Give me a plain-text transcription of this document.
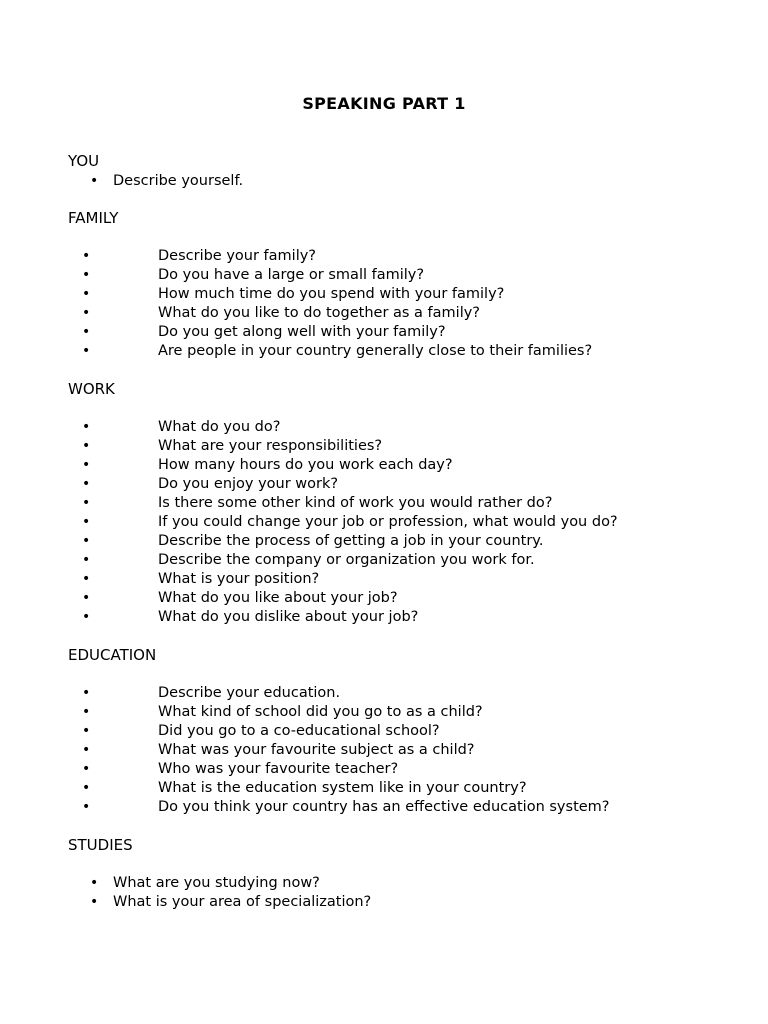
SPEAKING PART 1
YOU
• Describe yourself.
FAMILY
•	Describe your family?
•	Do you have a large or small family?
•	How much time do you spend with your family?
•	What do you like to do together as a family?
•	Do you get along well with your family?
•	Are people in your country generally close to their families?
WORK
•	What do you do?
•	What are your responsibilities?
•	How many hours do you work each day?
•	Do you enjoy your work?
•	Is there some other kind of work you would rather do?
•	If you could change your job or profession, what would you do?
•	Describe the process of getting a job in your country.
•	Describe the company or organization you work for.
•	What is your position?
•	What do you like about your job?
•	What do you dislike about your job?
EDUCATION
•	Describe your education.
•	What kind of school did you go to as a child?
•	Did you go to a co-educational school?
•	What was your favourite subject as a child?
•	Who was your favourite teacher?
•	What is the education system like in your country?
•	Do you think your country has an effective education system?
STUDIES
• What are you studying now?
• What is your area of specialization?
